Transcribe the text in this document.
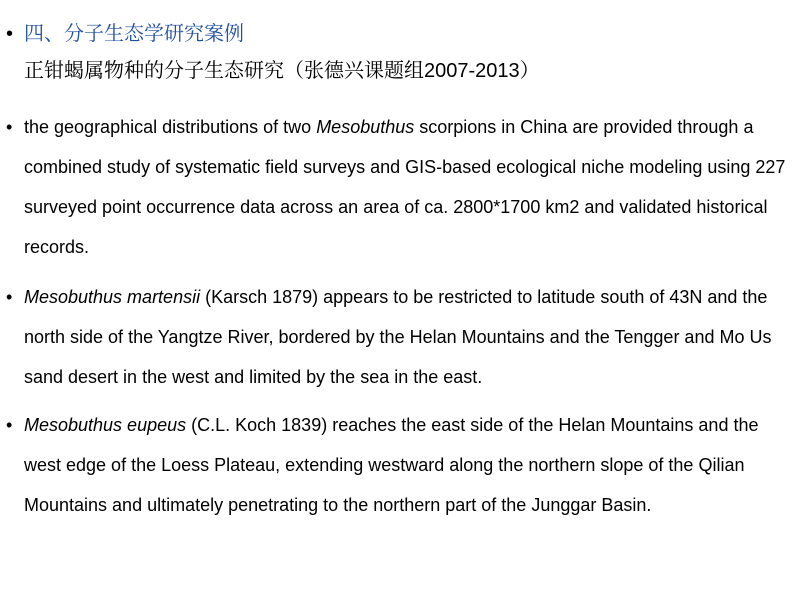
• 四、分子生态学研究案例
正钳蝎属物种的分子生态研究（张德兴课题组2007-2013）
• the geographical distributions of two Mesobuthus scorpions in China are provided through a combined study of systematic field surveys and GIS-based ecological niche modeling using 227 surveyed point occurrence data across an area of ca. 2800*1700 km2 and validated historical records.
• Mesobuthus martensii (Karsch 1879) appears to be restricted to latitude south of 43N and the north side of the Yangtze River, bordered by the Helan Mountains and the Tengger and Mo Us sand desert in the west and limited by the sea in the east.
• Mesobuthus eupeus (C.L. Koch 1839) reaches the east side of the Helan Mountains and the west edge of the Loess Plateau, extending westward along the northern slope of the Qilian Mountains and ultimately penetrating to the northern part of the Junggar Basin.
